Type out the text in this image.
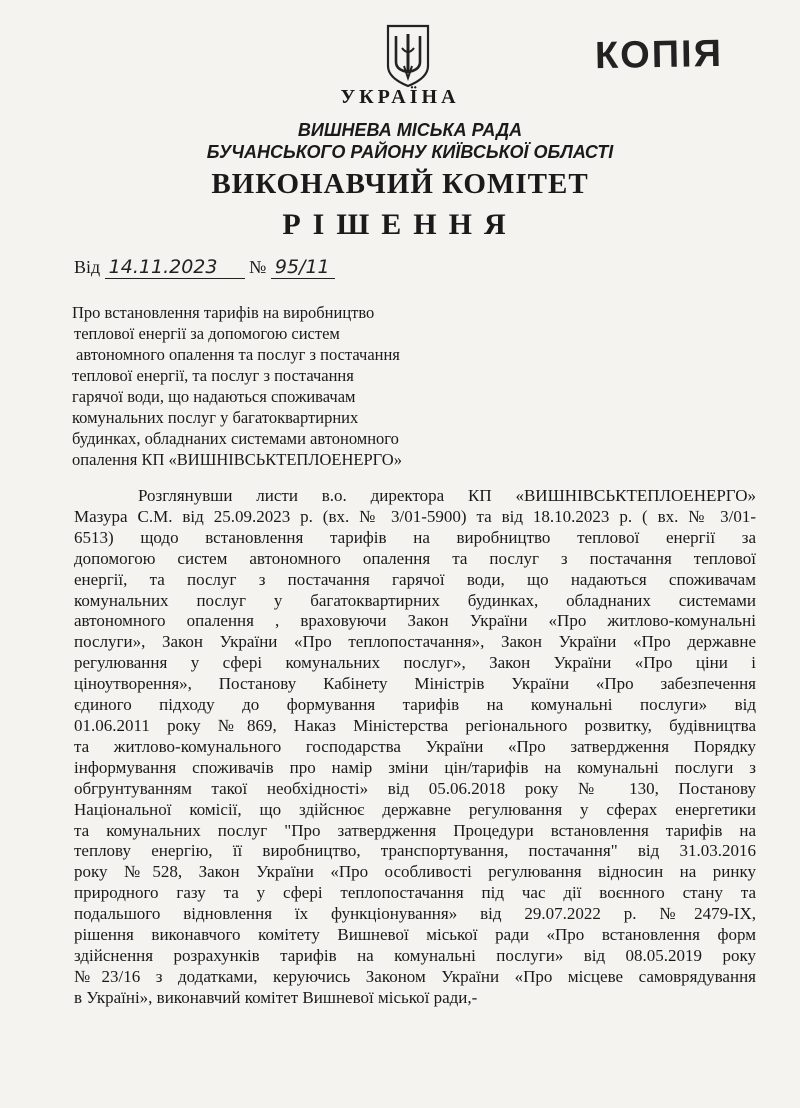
КОПІЯ
УКРАЇНА
ВИШНЕВА МІСЬКА РАДА
БУЧАНСЬКОГО РАЙОНУ КИЇВСЬКОЇ ОБЛАСТІ
ВИКОНАВЧИЙ КОМІТЕТ
РІШЕННЯ
Від 14.11.2023 № 95/11
Про встановлення тарифів на виробництво
теплової енергії за допомогою систем
автономного опалення та послуг з постачання
теплової енергії, та послуг з постачання
гарячої води, що надаються споживачам
комунальних послуг у багатоквартирних
будинках, обладнаних системами автономного
опалення КП «ВИШНІВСЬКТЕПЛОЕНЕРГО»
Розглянувши листи в.о. директора КП «ВИШНІВСЬКТЕПЛОЕНЕРГО»
Мазура С.М. від 25.09.2023 р. (вх. № 3/01-5900) та від 18.10.2023 р. ( вх. № 3/01-
6513) щодо встановлення тарифів на виробництво теплової енергії за
допомогою систем автономного опалення та послуг з постачання теплової
енергії, та послуг з постачання гарячої води, що надаються споживачам
комунальних послуг у багатоквартирних будинках, обладнаних системами
автономного опалення , враховуючи Закон України «Про житлово-комунальні
послуги», Закон України «Про теплопостачання», Закон України «Про державне
регулювання у сфері комунальних послуг», Закон України «Про ціни і
ціноутворення», Постанову Кабінету Міністрів України «Про забезпечення
єдиного підходу до формування тарифів на комунальні послуги» від
01.06.2011 року №869, Наказ Міністерства регіонального розвитку, будівництва
та житлово-комунального господарства України «Про затвердження Порядку
інформування споживачів про намір зміни цін/тарифів на комунальні послуги з
обгрунтуванням такої необхідності» від 05.06.2018 року № 130, Постанову
Національної комісії, що здійснює державне регулювання у сферах енергетики
та комунальних послуг "Про затвердження Процедури встановлення тарифів на
теплову енергію, її виробництво, транспортування, постачання" від 31.03.2016
року №528, Закон України «Про особливості регулювання відносин на ринку
природного газу та у сфері теплопостачання під час дії воєнного стану та
подальшого відновлення їх функціонування» від 29.07.2022 р. №2479-IX,
рішення виконавчого комітету Вишневої міської ради «Про встановлення форм
здійснення розрахунків тарифів на комунальні послуги» від 08.05.2019 року
№23/16 з додатками, керуючись Законом України «Про місцеве самоврядування
в Україні», виконавчий комітет Вишневої міської ради,-
